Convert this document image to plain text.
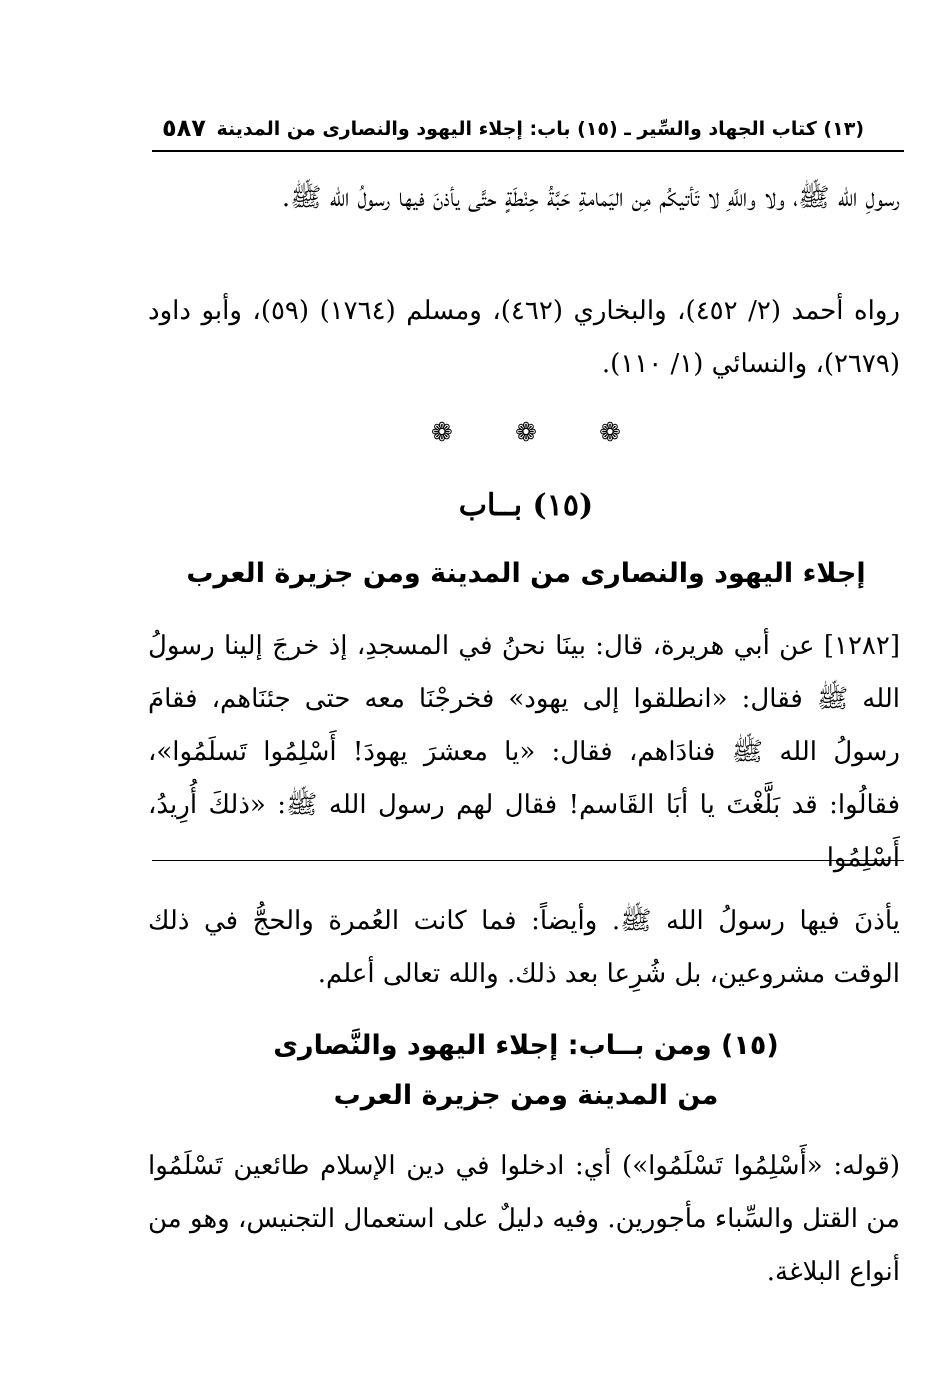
(١٣) كتاب الجهاد والسِّير ـ (١٥) باب: إجلاء اليهود والنصارى من المدينة
٥٨٧

رسولِ الله ﷺ، ولا واللَّهِ لا تَأتيكُم مِن اليَمامةِ حَبَّةُ حِنْطَةٍ حتَّى يأذنَ فيها رسولُ الله ﷺ.

رواه أحمد (٢/ ٤٥٢)، والبخاري (٤٦٢)، ومسلم (١٧٦٤) (٥٩)، وأبو داود (٢٦٧٩)، والنسائي (١/ ١١٠).

❁ ❁ ❁
(١٥) بــاب
إجلاء اليهود والنصارى من المدينة ومن جزيرة العرب

[١٢٨٢] عن أبي هريرة، قال: بينَا نحنُ في المسجدِ، إذ خرجَ إلينا رسولُ الله ﷺ فقال: «انطلقوا إلى يهود» فخرجْنَا معه حتى جئنَاهم، فقامَ رسولُ الله ﷺ فنادَاهم، فقال: «يا معشرَ يهودَ! أَسْلِمُوا تَسلَمُوا»، فقالُوا: قد بَلَّغْتَ يا أبَا القَاسم! فقال لهم رسول الله ﷺ: «ذلكَ أُرِيدُ، أَسْلِمُوا

يأذنَ فيها رسولُ الله ﷺ. وأيضاً: فما كانت العُمرة والحجُّ في ذلك الوقت مشروعين، بل شُرِعا بعد ذلك. والله تعالى أعلم.

(١٥) ومن بــاب: إجلاء اليهود والنَّصارى
من المدينة ومن جزيرة العرب

(قوله: «أَسْلِمُوا تَسْلَمُوا») أي: ادخلوا في دين الإسلام طائعين تَسْلَمُوا من القتل والسِّباء مأجورين. وفيه دليلٌ على استعمال التجنيس، وهو من أنواع البلاغة.
